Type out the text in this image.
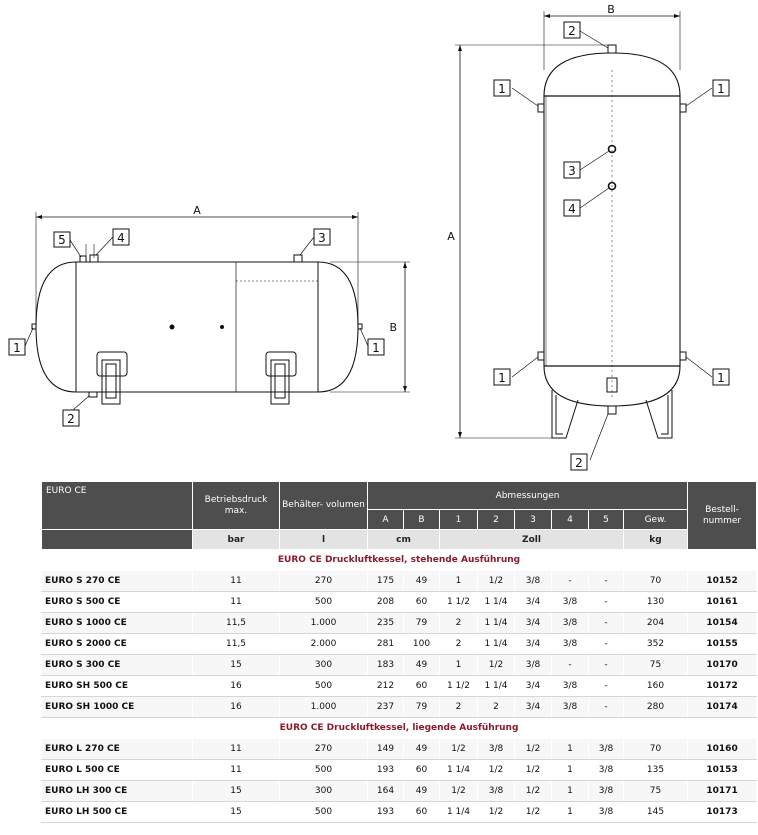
A
B
1	1
2
3
4
5
B
A
2
1	1
3
4
1	1
2
EURO CE	Betriebsdruck max.	Behälter- volumen	Abmessungen								Bestell- nummer
			A	B	1	2	3	4	5	Gew.	
	bar	l	cm		Zoll					kg	
EURO CE Druckluftkessel, stehende Ausführung											
EURO S 270 CE	11	270	175	49	1	1/2	3/8	-	-	70	10152
EURO S 500 CE	11	500	208	60	1 1/2	1 1/4	3/4	3/8	-	130	10161
EURO S 1000 CE	11,5	1.000	235	79	2	1 1/4	3/4	3/8	-	204	10154
EURO S 2000 CE	11,5	2.000	281	100	2	1 1/4	3/4	3/8	-	352	10155
EURO S 300 CE	15	300	183	49	1	1/2	3/8	-	-	75	10170
EURO SH 500 CE	16	500	212	60	1 1/2	1 1/4	3/4	3/8	-	160	10172
EURO SH 1000 CE	16	1.000	237	79	2	2	3/4	3/8	-	280	10174
EURO CE Druckluftkessel, liegende Ausführung											
EURO L 270 CE	11	270	149	49	1/2	3/8	1/2	1	3/8	70	10160
EURO L 500 CE	11	500	193	60	1 1/4	1/2	1/2	1	3/8	135	10153
EURO LH 300 CE	15	300	164	49	1/2	3/8	1/2	1	3/8	75	10171
EURO LH 500 CE	15	500	193	60	1 1/4	1/2	1/2	1	3/8	145	10173
